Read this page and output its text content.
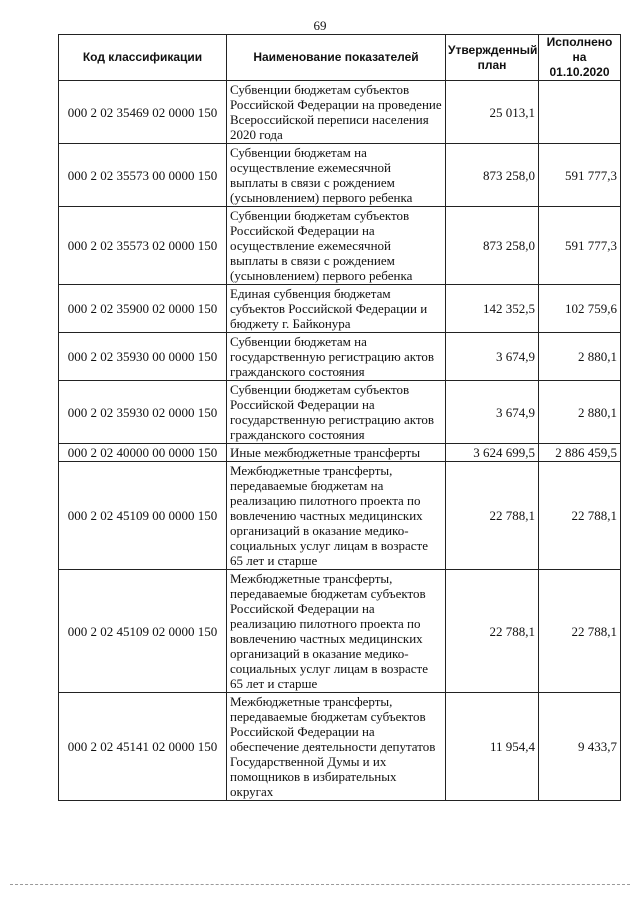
69
Код классификации	Наименование показателей	Утвержденный план	Исполнено на 01.10.2020
000 2 02 35469 02 0000 150	Субвенции бюджетам субъектов Российской Федерации на проведение Всероссийской переписи населения 2020 года	25 013,1	
000 2 02 35573 00 0000 150	Субвенции бюджетам на осуществление ежемесячной выплаты в связи с рождением (усыновлением) первого ребенка	873 258,0	591 777,3
000 2 02 35573 02 0000 150	Субвенции бюджетам субъектов Российской Федерации на осуществление ежемесячной выплаты в связи с рождением (усыновлением) первого ребенка	873 258,0	591 777,3
000 2 02 35900 02 0000 150	Единая субвенция бюджетам субъектов Российской Федерации и бюджету г. Байконура	142 352,5	102 759,6
000 2 02 35930 00 0000 150	Субвенции бюджетам на государственную регистрацию актов гражданского состояния	3 674,9	2 880,1
000 2 02 35930 02 0000 150	Субвенции бюджетам субъектов Российской Федерации на государственную регистрацию актов гражданского состояния	3 674,9	2 880,1
000 2 02 40000 00 0000 150	Иные межбюджетные трансферты	3 624 699,5	2 886 459,5
000 2 02 45109 00 0000 150	Межбюджетные трансферты, передаваемые бюджетам на реализацию пилотного проекта по вовлечению частных медицинских организаций в оказание медико-социальных услуг лицам в возрасте 65 лет и старше	22 788,1	22 788,1
000 2 02 45109 02 0000 150	Межбюджетные трансферты, передаваемые бюджетам субъектов Российской Федерации на реализацию пилотного проекта по вовлечению частных медицинских организаций в оказание медико-социальных услуг лицам в возрасте 65 лет и старше	22 788,1	22 788,1
000 2 02 45141 02 0000 150	Межбюджетные трансферты, передаваемые бюджетам субъектов Российской Федерации на обеспечение деятельности депутатов Государственной Думы и их помощников в избирательных округах	11 954,4	9 433,7
